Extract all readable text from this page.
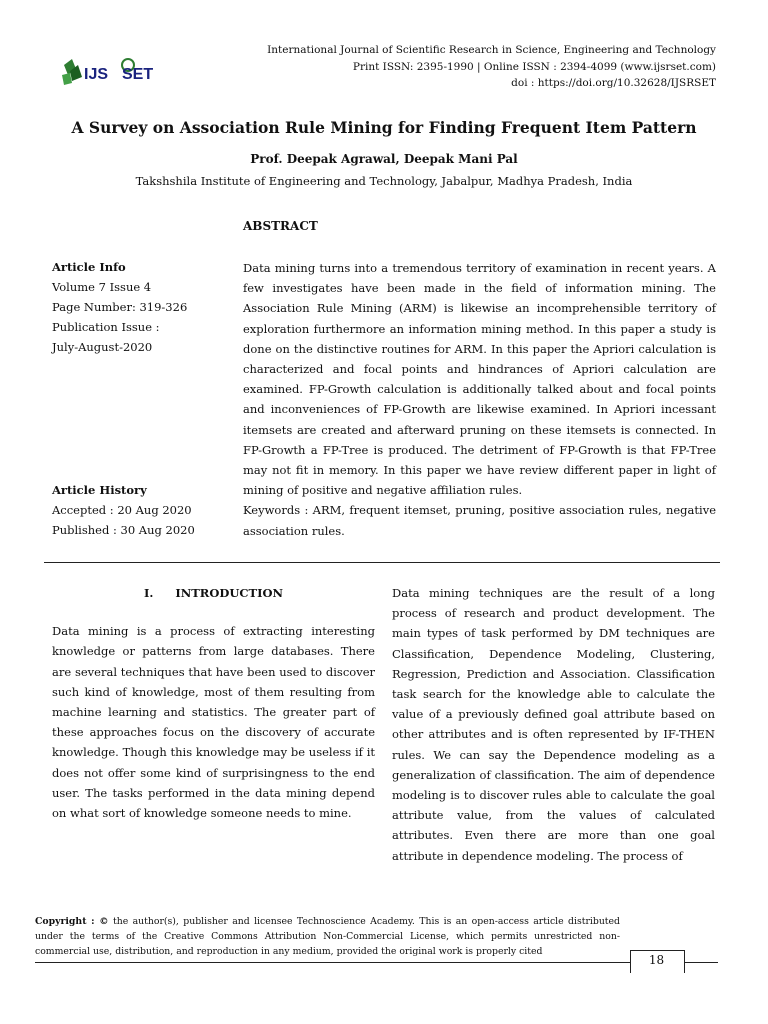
IJS SET
International Journal of Scientific Research in Science, Engineering and Technology
Print ISSN: 2395-1990 | Online ISSN : 2394-4099 (www.ijsrset.com)
doi : https://doi.org/10.32628/IJSRSET
A Survey on Association Rule Mining for Finding Frequent Item Pattern
Prof. Deepak Agrawal, Deepak Mani Pal
Takshshila Institute of Engineering and Technology, Jabalpur, Madhya Pradesh, India
ABSTRACT
Article Info
Volume 7 Issue 4
Page Number: 319-326
Publication Issue :
July-August-2020
Article History
Accepted : 20 Aug 2020
Published : 30 Aug 2020

Data mining turns into a tremendous territory of examination in recent years. A few investigates have been made in the field of information mining. The Association Rule Mining (ARM) is likewise an incomprehensible territory of exploration furthermore an information mining method. In this paper a study is done on the distinctive routines for ARM. In this paper the Apriori calculation is characterized and focal points and hindrances of Apriori calculation are examined. FP-Growth calculation is additionally talked about and focal points and inconveniences of FP-Growth are likewise examined. In Apriori incessant itemsets are created and afterward pruning on these itemsets is connected. In FP-Growth a FP-Tree is produced. The detriment of FP-Growth is that FP-Tree may not fit in memory. In this paper we have review different paper in light of mining of positive and negative affiliation rules.

Keywords : ARM, frequent itemset, pruning, positive association rules, negative association rules.

I. INTRODUCTION

Data mining is a process of extracting interesting knowledge or patterns from large databases. There are several techniques that have been used to discover such kind of knowledge, most of them resulting from machine learning and statistics. The greater part of these approaches focus on the discovery of accurate knowledge. Though this knowledge may be useless if it does not offer some kind of surprisingness to the end user. The tasks performed in the data mining depend on what sort of knowledge someone needs to mine.

Data mining techniques are the result of a long process of research and product development. The main types of task performed by DM techniques are Classification, Dependence Modeling, Clustering, Regression, Prediction and Association. Classification task search for the knowledge able to calculate the value of a previously defined goal attribute based on other attributes and is often represented by IF-THEN rules. We can say the Dependence modeling as a generalization of classification. The aim of dependence modeling is to discover rules able to calculate the goal attribute value, from the values of calculated attributes. Even there are more than one goal attribute in dependence modeling. The process of

Copyright : © the author(s), publisher and licensee Technoscience Academy. This is an open-access article distributed under the terms of the Creative Commons Attribution Non-Commercial License, which permits unrestricted non-commercial use, distribution, and reproduction in any medium, provided the original work is properly cited
18
